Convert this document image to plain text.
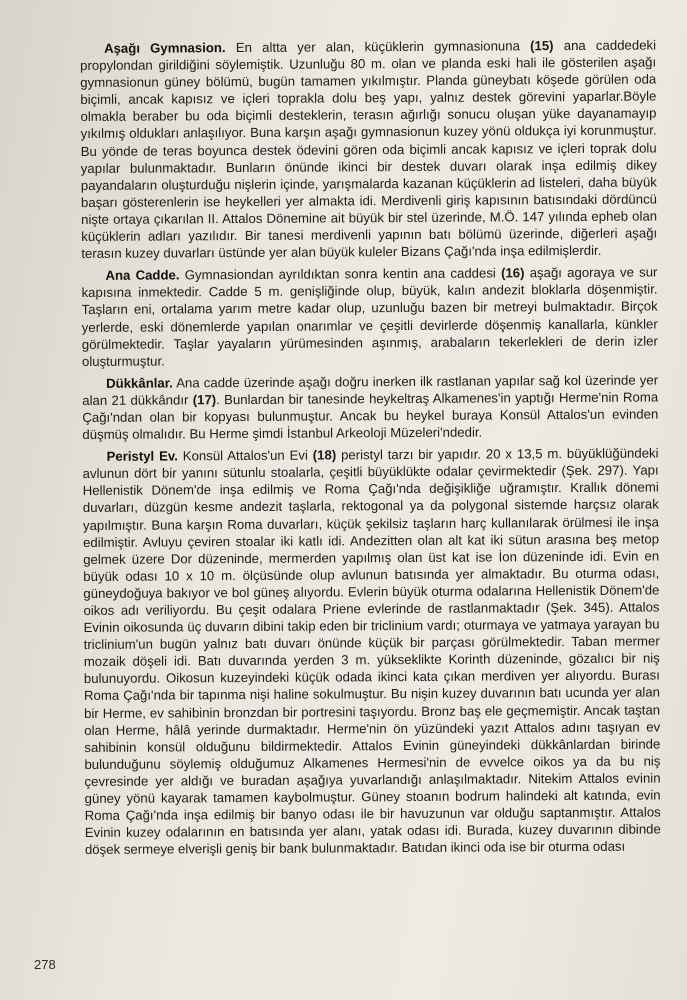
Aşağı Gymnasion. En altta yer alan, küçüklerin gymnasionuna (15) ana caddedeki propylondan girildiğini söylemiştik. Uzunluğu 80 m. olan ve planda eski hali ile gösterilen aşağı gymnasionun güney bölümü, bugün tamamen yıkılmıştır. Planda güneybatı köşede görülen oda biçimli, ancak kapısız ve içleri toprakla dolu beş yapı, yalnız destek görevini yaparlar.Böyle olmakla beraber bu oda biçimli desteklerin, terasın ağırlığı sonucu oluşan yüke dayanamayıp yıkılmış oldukları anlaşılıyor. Buna karşın aşağı gymnasionun kuzey yönü oldukça iyi korunmuştur. Bu yönde de teras boyunca destek ödevini gören oda biçimli ancak kapısız ve içleri toprak dolu yapılar bulunmaktadır. Bunların önünde ikinci bir destek duvarı olarak inşa edilmiş dikey payandaların oluşturduğu nişlerin içinde, yarışmalarda kazanan küçüklerin ad listeleri, daha büyük başarı gösterenlerin ise heykelleri yer almakta idi. Merdivenli giriş kapısının batısındaki dördüncü nişte ortaya çıkarılan II. Attalos Dönemine ait büyük bir stel üzerinde, M.Ö. 147 yılında epheb olan küçüklerin adları yazılıdır. Bir tanesi merdivenli yapının batı bölümü üzerinde, diğerleri aşağı terasın kuzey duvarları üstünde yer alan büyük kuleler Bizans Çağı'nda inşa edilmişlerdir.

Ana Cadde. Gymnasiondan ayrıldıktan sonra kentin ana caddesi (16) aşağı agoraya ve sur kapısına inmektedir. Cadde 5 m. genişliğinde olup, büyük, kalın andezit bloklarla döşenmiştir. Taşların eni, ortalama yarım metre kadar olup, uzunluğu bazen bir metreyi bulmaktadır. Birçok yerlerde, eski dönemlerde yapılan onarımlar ve çeşitli devirlerde döşenmiş kanallarla, künkler görülmektedir. Taşlar yayaların yürümesinden aşınmış, arabaların tekerlekleri de derin izler oluşturmuştur.

Dükkânlar. Ana cadde üzerinde aşağı doğru inerken ilk rastlanan yapılar sağ kol üzerinde yer alan 21 dükkândır (17). Bunlardan bir tanesinde heykeltraş Alkamenes'in yaptığı Herme'nin Roma Çağı'ndan olan bir kopyası bulunmuştur. Ancak bu heykel buraya Konsül Attalos'un evinden düşmüş olmalıdır. Bu Herme şimdi İstanbul Arkeoloji Müzeleri'ndedir.

Peristyl Ev. Konsül Attalos'un Evi (18) peristyl tarzı bir yapıdır. 20 x 13,5 m. büyüklüğündeki avlunun dört bir yanını sütunlu stoalarla, çeşitli büyüklükte odalar çevirmektedir (Şek. 297). Yapı Hellenistik Dönem'de inşa edilmiş ve Roma Çağı'nda değişikliğe uğramıştır. Krallık dönemi duvarları, düzgün kesme andezit taşlarla, rektogonal ya da polygonal sistemde harçsız olarak yapılmıştır. Buna karşın Roma duvarları, küçük şekilsiz taşların harç kullanılarak örülmesi ile inşa edilmiştir. Avluyu çeviren stoalar iki katlı idi. Andezitten olan alt kat iki sütun arasına beş metop gelmek üzere Dor düzeninde, mermerden yapılmış olan üst kat ise İon düzeninde idi. Evin en büyük odası 10 x 10 m. ölçüsünde olup avlunun batısında yer almaktadır. Bu oturma odası, güneydoğuya bakıyor ve bol güneş alıyordu. Evlerin büyük oturma odalarına Hellenistik Dönem'de oikos adı veriliyordu. Bu çeşit odalara Priene evlerinde de rastlanmaktadır (Şek. 345). Attalos Evinin oikosunda üç duvarın dibini takip eden bir triclinium vardı; oturmaya ve yatmaya yarayan bu triclinium'un bugün yalnız batı duvarı önünde küçük bir parçası görülmektedir. Taban mermer mozaik döşeli idi. Batı duvarında yerden 3 m. yükseklikte Korinth düzeninde, gözalıcı bir niş bulunuyordu. Oikosun kuzeyindeki küçük odada ikinci kata çıkan merdiven yer alıyordu. Burası Roma Çağı'nda bir tapınma nişi haline sokulmuştur. Bu nişin kuzey duvarının batı ucunda yer alan bir Herme, ev sahibinin bronzdan bir portresini taşıyordu. Bronz baş ele geçmemiştir. Ancak taştan olan Herme, hâlâ yerinde durmaktadır. Herme'nin ön yüzündeki yazıt Attalos adını taşıyan ev sahibinin konsül olduğunu bildirmektedir. Attalos Evinin güneyindeki dükkânlardan birinde bulunduğunu söylemiş olduğumuz Alkamenes Hermesi'nin de evvelce oikos ya da bu niş çevresinde yer aldığı ve buradan aşağıya yuvarlandığı anlaşılmaktadır. Nitekim Attalos evinin güney yönü kayarak tamamen kaybolmuştur. Güney stoanın bodrum halindeki alt katında, evin Roma Çağı'nda inşa edilmiş bir banyo odası ile bir havuzunun var olduğu saptanmıştır. Attalos Evinin kuzey odalarının en batısında yer alanı, yatak odası idi. Burada, kuzey duvarının dibinde döşek sermeye elverişli geniş bir bank bulunmaktadır. Batıdan ikinci oda ise bir oturma odası

278
